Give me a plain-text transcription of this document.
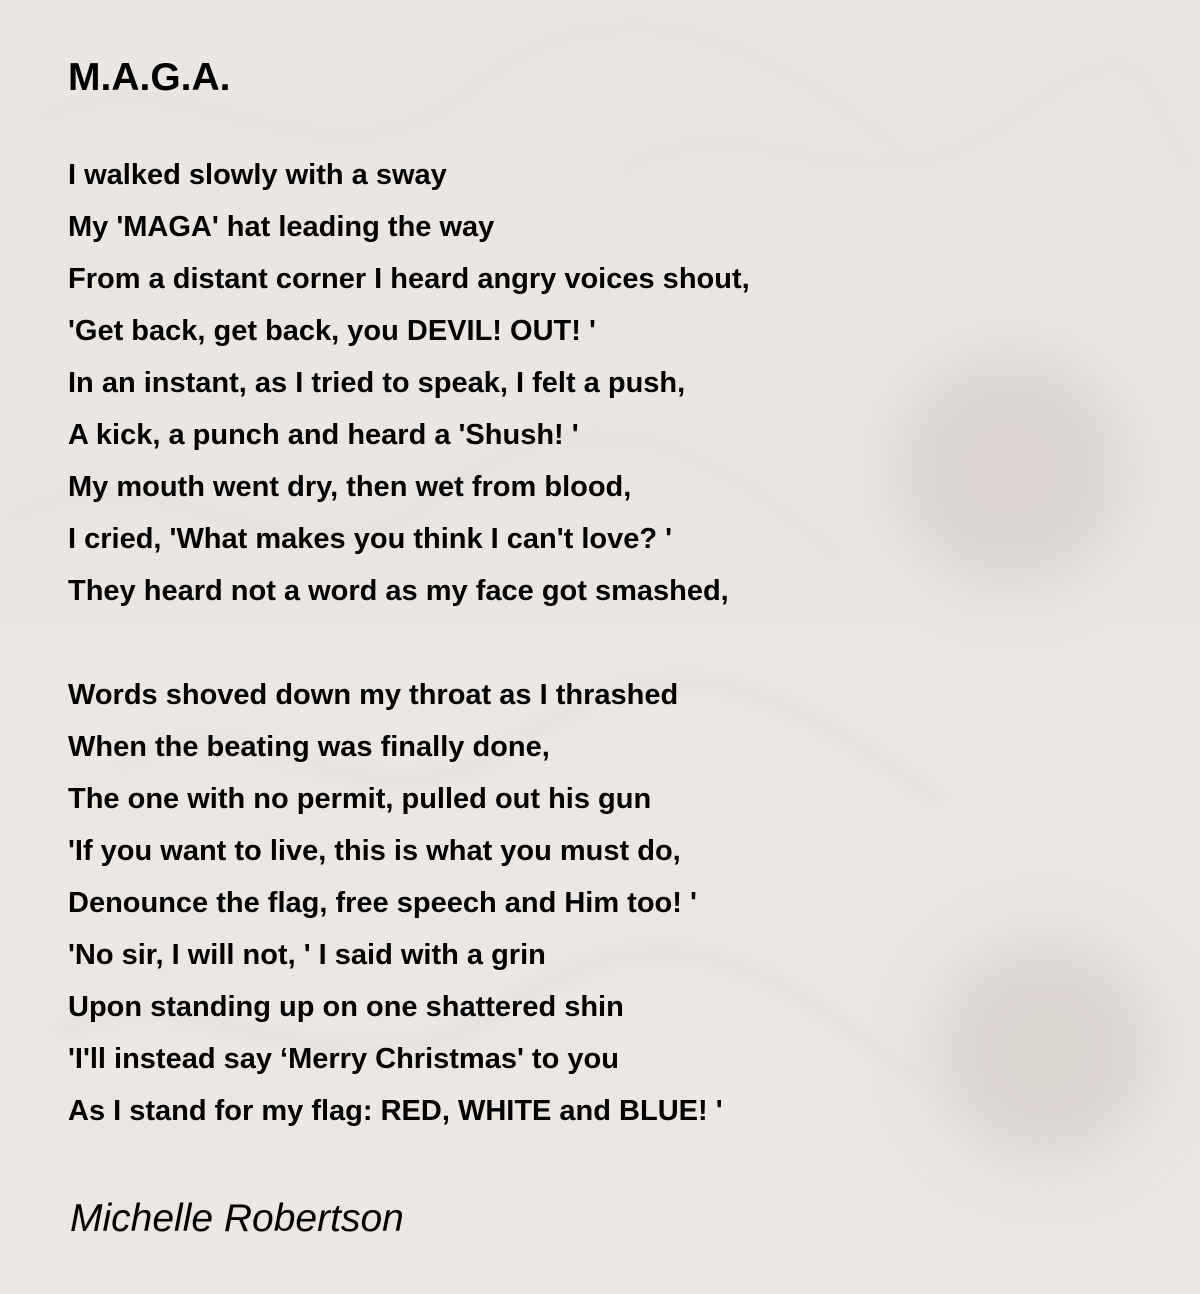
M.A.G.A.
I walked slowly with a sway
My 'MAGA' hat leading the way
From a distant corner I heard angry voices shout,
'Get back, get back, you DEVIL! OUT! '
In an instant, as I tried to speak, I felt a push,
A kick, a punch and heard a 'Shush! '
My mouth went dry, then wet from blood,
I cried, 'What makes you think I can't love? '
They heard not a word as my face got smashed,
Words shoved down my throat as I thrashed
When the beating was finally done,
The one with no permit, pulled out his gun
'If you want to live, this is what you must do,
Denounce the flag, free speech and Him too! '
'No sir, I will not, ' I said with a grin
Upon standing up on one shattered shin
'I'll instead say ‘Merry Christmas' to you
As I stand for my flag: RED, WHITE and BLUE! '
Michelle Robertson
